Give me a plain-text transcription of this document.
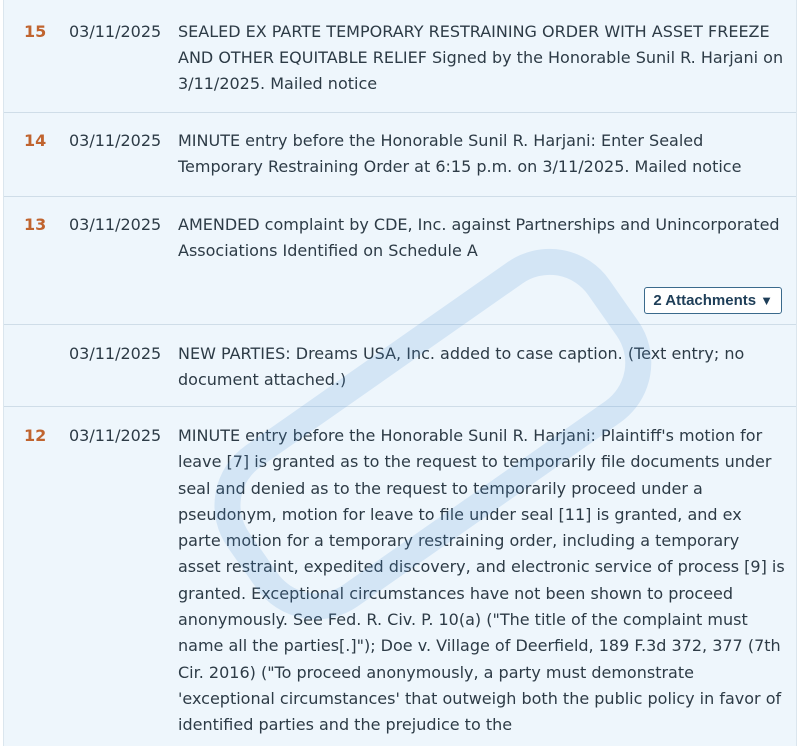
15 03/11/2025 SEALED EX PARTE TEMPORARY RESTRAINING ORDER WITH ASSET FREEZE AND OTHER EQUITABLE RELIEF Signed by the Honorable Sunil R. Harjani on 3/11/2025. Mailed notice
14 03/11/2025 MINUTE entry before the Honorable Sunil R. Harjani: Enter Sealed Temporary Restraining Order at 6:15 p.m. on 3/11/2025. Mailed notice
13 03/11/2025 AMENDED complaint by CDE, Inc. against Partnerships and Unincorporated Associations Identified on Schedule A
2 Attachments ▼
03/11/2025 NEW PARTIES: Dreams USA, Inc. added to case caption. (Text entry; no document attached.)
12 03/11/2025 MINUTE entry before the Honorable Sunil R. Harjani: Plaintiff's motion for leave [7] is granted as to the request to temporarily file documents under seal and denied as to the request to temporarily proceed under a pseudonym, motion for leave to file under seal [11] is granted, and ex parte motion for a temporary restraining order, including a temporary asset restraint, expedited discovery, and electronic service of process [9] is granted. Exceptional circumstances have not been shown to proceed anonymously. See Fed. R. Civ. P. 10(a) ("The title of the complaint must name all the parties[.]"); Doe v. Village of Deerfield, 189 F.3d 372, 377 (7th Cir. 2016) ("To proceed anonymously, a party must demonstrate 'exceptional circumstances' that outweigh both the public policy in favor of identified parties and the prejudice to the
